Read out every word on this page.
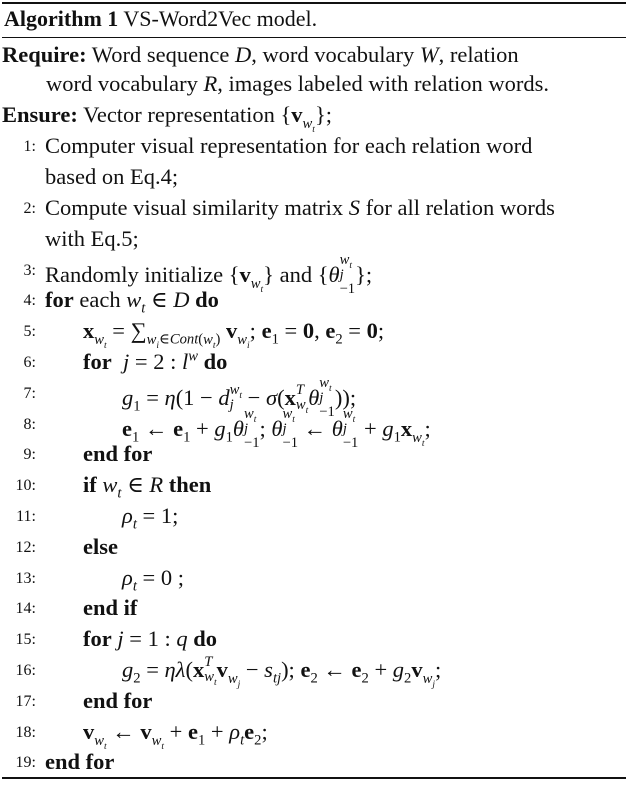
Algorithm 1 VS-Word2Vec model.
Require: Word sequence D, word vocabulary W, relation
word vocabulary R, images labeled with relation words.
Ensure: Vector representation $\{v_{w_t}\}$;
1: Computer visual representation for each relation word
based on Eq.4;
2: Compute visual similarity matrix S for all relation words
with Eq.5;
3: Randomly initialize $\{v_{w_t}\}$ and {θ
$w_t$
j
−1};
4: for each $w_t$ ∈ D do
5: $x_{w_t} = \sum_{w_i\in Cont(w_t)}$ $v_{w_i}$; $e_1 = 0$, $e_2 = 0$;
6: for j = 2 : $l^w$ do
7:	$g_1 = \eta(1 - d$ $w_t$
j − σ(x T
$w_t$
θ
$w_t$
j
−1));
8:	$e_1$ ← $e_1 + g_1\theta$
$w_t$
j
−1; θ
$w_t$
j
−1 ← θ
$w_t$
j
$-1 + g_1x_{w_t}$;
9: end for
10: if $w_t$ ∈ R then
11:	$\rho_t = 1$;
12: else
13:	$\rho_t = 0$ ;
14: end if
15: for j = 1 : q do
16:	$g_2 = \eta\lambda(x$ T
$w_t$
$v_{w_j} - s_{tj}$); $e_2$ ← $e_2 + g_2v_{w_j}$;
17: end for
18: $v_{w_t}$ ← $v_{w_t} + e_1 + \rho_te_2$;
19: end for
